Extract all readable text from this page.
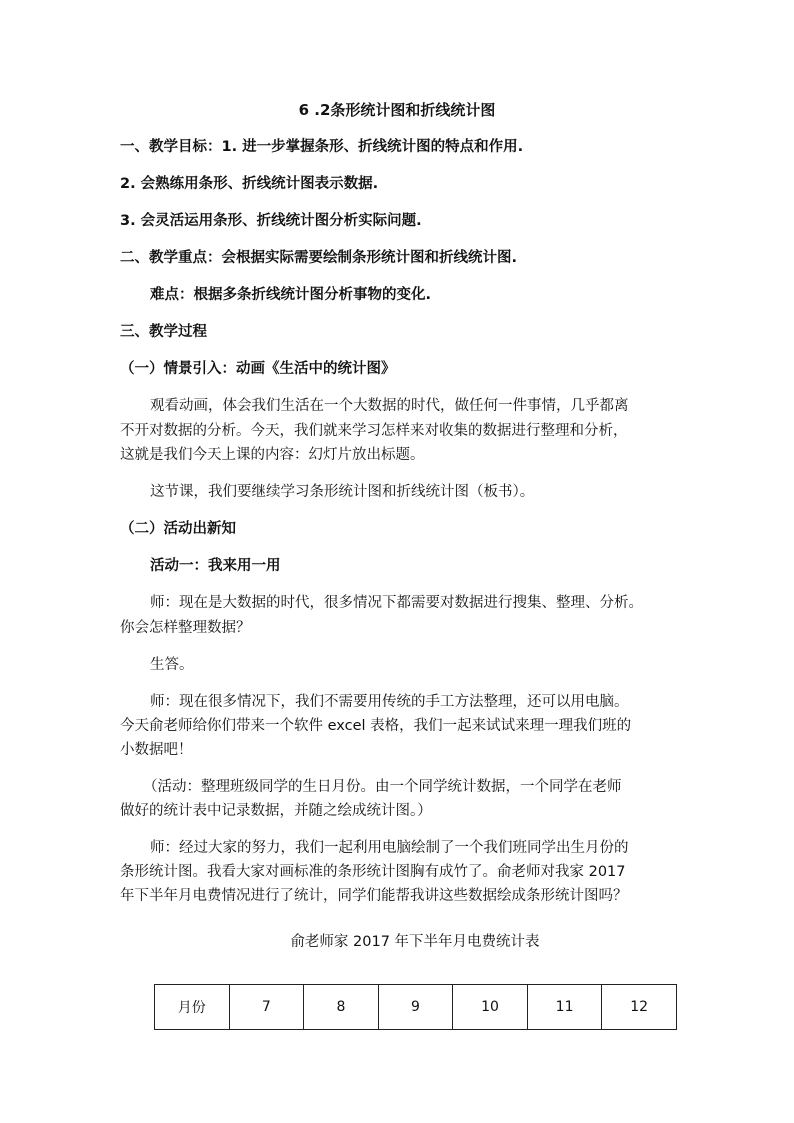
6 .2条形统计图和折线统计图
一、教学目标：1. 进一步掌握条形、折线统计图的特点和作用.
2. 会熟练用条形、折线统计图表示数据.
3. 会灵活运用条形、折线统计图分析实际问题.
二、教学重点：会根据实际需要绘制条形统计图和折线统计图.
难点：根据多条折线统计图分析事物的变化.
三、教学过程
（一）情景引入：动画《生活中的统计图》
观看动画，体会我们生活在一个大数据的时代，做任何一件事情，几乎都离
不开对数据的分析。今天，我们就来学习怎样来对收集的数据进行整理和分析，
这就是我们今天上课的内容：幻灯片放出标题。
这节课，我们要继续学习条形统计图和折线统计图（板书）。
（二）活动出新知
活动一：我来用一用
师：现在是大数据的时代，很多情况下都需要对数据进行搜集、整理、分析。
你会怎样整理数据？
生答。
师：现在很多情况下，我们不需要用传统的手工方法整理，还可以用电脑。
今天俞老师给你们带来一个软件 excel 表格，我们一起来试试来理一理我们班的
小数据吧！
（活动：整理班级同学的生日月份。由一个同学统计数据，一个同学在老师
做好的统计表中记录数据，并随之绘成统计图。）
师：经过大家的努力，我们一起利用电脑绘制了一个我们班同学出生月份的
条形统计图。我看大家对画标准的条形统计图胸有成竹了。俞老师对我家 2017
年下半年月电费情况进行了统计，同学们能帮我讲这些数据绘成条形统计图吗？
俞老师家 2017 年下半年月电费统计表
月份	7	8	9	10	11	12
